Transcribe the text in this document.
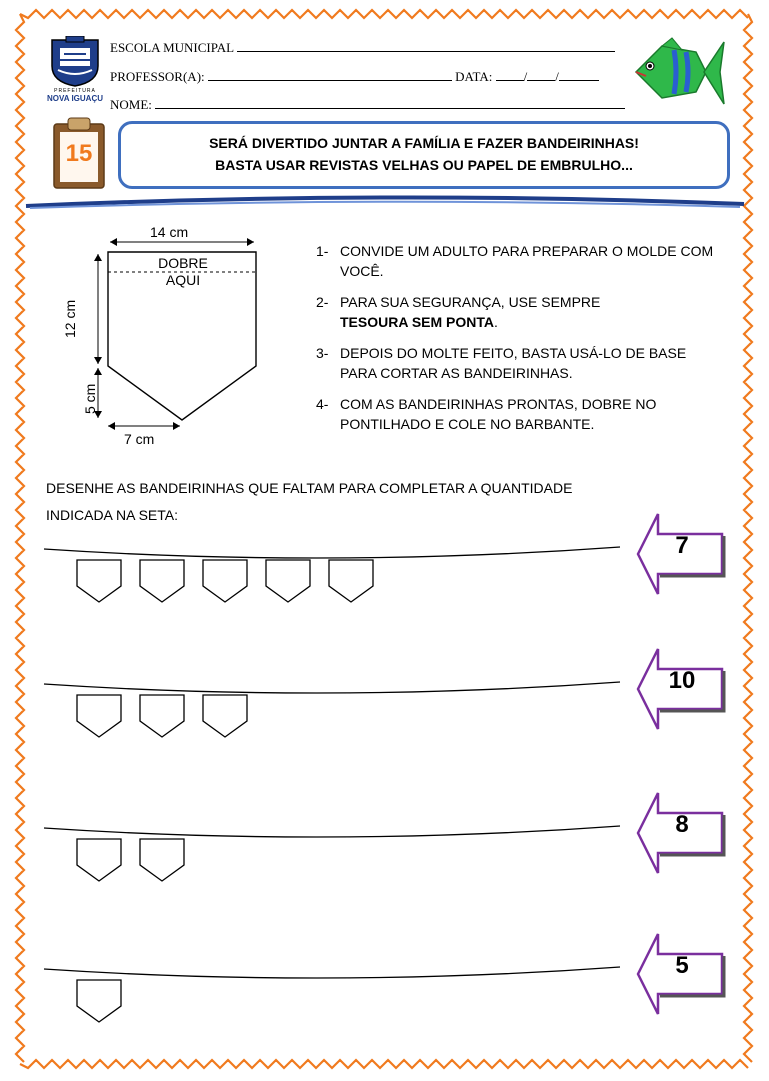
PREFEITURA
NOVA IGUAÇU
ESCOLA MUNICIPAL
PROFESSOR(A):	DATA: / /
NOME:
15	SERÁ DIVERTIDO JUNTAR A FAMÍLIA E FAZER BANDEIRINHAS!
BASTA USAR REVISTAS VELHAS OU PAPEL DE EMBRULHO...
14 cm
DOBRE
AQUI
12 cm
5 cm
7 cm
1- CONVIDE UM ADULTO PARA PREPARAR O MOLDE COM VOCÊ.
2- PARA SUA SEGURANÇA, USE SEMPRE
TESOURA SEM PONTA.
3- DEPOIS DO MOLTE FEITO, BASTA USÁ-LO DE BASE PARA CORTAR AS BANDEIRINHAS.
4- COM AS BANDEIRINHAS PRONTAS, DOBRE NO PONTILHADO E COLE NO BARBANTE.
DESENHE AS BANDEIRINHAS QUE FALTAM PARA COMPLETAR A QUANTIDADE
INDICADA NA SETA:
7
10
8
5
